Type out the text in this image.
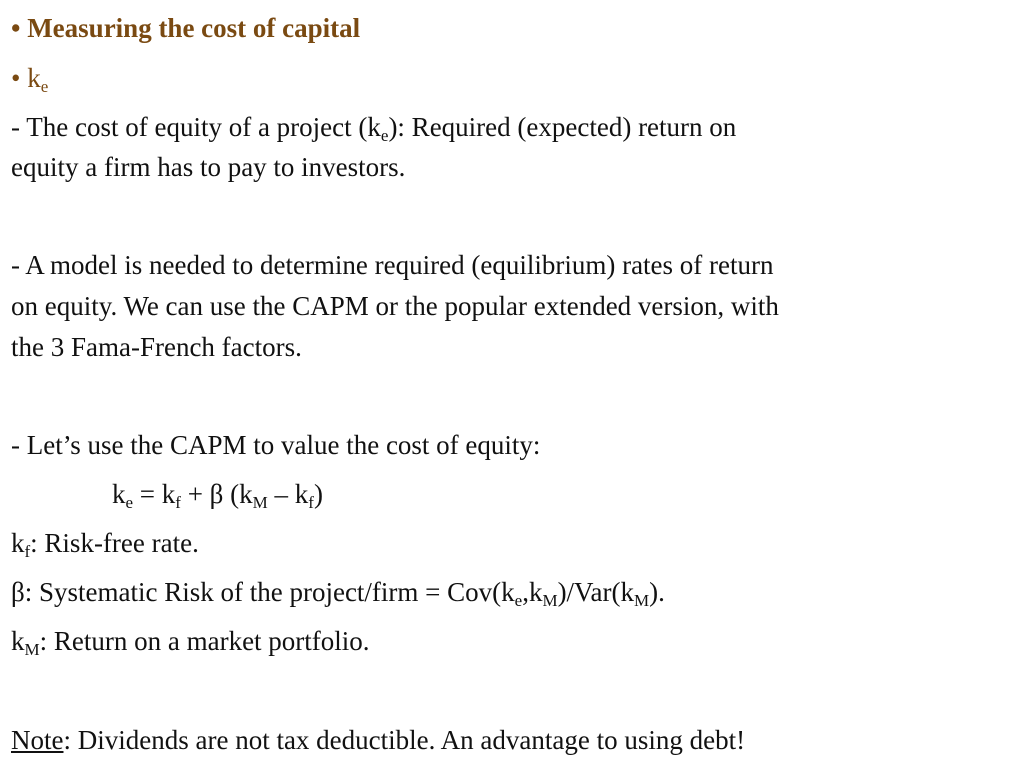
• Measuring the cost of capital
• $k_e$
- The cost of equity of a project $(k_e)$: Required (expected) return on
equity a firm has to pay to investors.
- A model is needed to determine required (equilibrium) rates of return
on equity. We can use the CAPM or the popular extended version, with
the 3 Fama-French factors.
- Let’s use the CAPM to value the cost of equity:
$k_e = k_f + \beta$ $(k_M - k_f)$
$k_f$: Risk-free rate.
β: Systematic Risk of the project/firm = $Cov(k_e,k_M)/Var(k_M)$.
$k_M$: Return on a market portfolio.
Note: Dividends are not tax deductible. An advantage to using debt!
